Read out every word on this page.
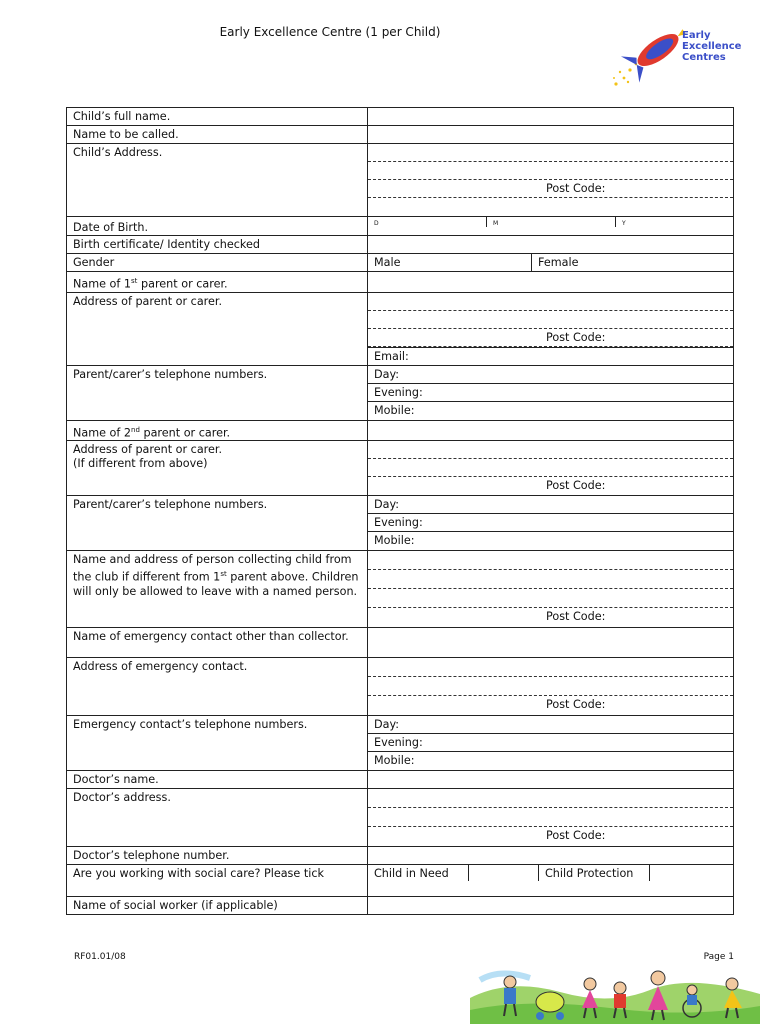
Early Excellence Centre (1 per Child)	Early
Excellence
Centres
Child’s full name.	
Name to be called.	
Child’s Address.	Post Code:

Date of Birth.	D M Y

Birth certificate/ Identity checked	
Gender	Male Female

Name of 1st parent or carer.	
Address of parent or carer.	Post Code:
Email:

Parent/carer’s telephone numbers.	Day:
Evening:
Mobile:

Name of 2nd parent or carer.	

Address of parent or carer.
(If different from above)	Post Code:

Parent/carer’s telephone numbers.	Day:
Evening:
Mobile:

Name and address of person collecting child from the club if different from 1st parent above. Children will only be allowed to leave with a named person.	Post Code:

Name of emergency contact other than collector.	
Address of emergency contact.	Post Code:

Emergency contact’s telephone numbers.	Day:
Evening:
Mobile:

Doctor’s name.	
Doctor’s address.	Post Code:

Doctor’s telephone number.	
Are you working with social care? Please tick	Child in Need Child Protection

Name of social worker (if applicable)	
RF01.01/08	Page 1
